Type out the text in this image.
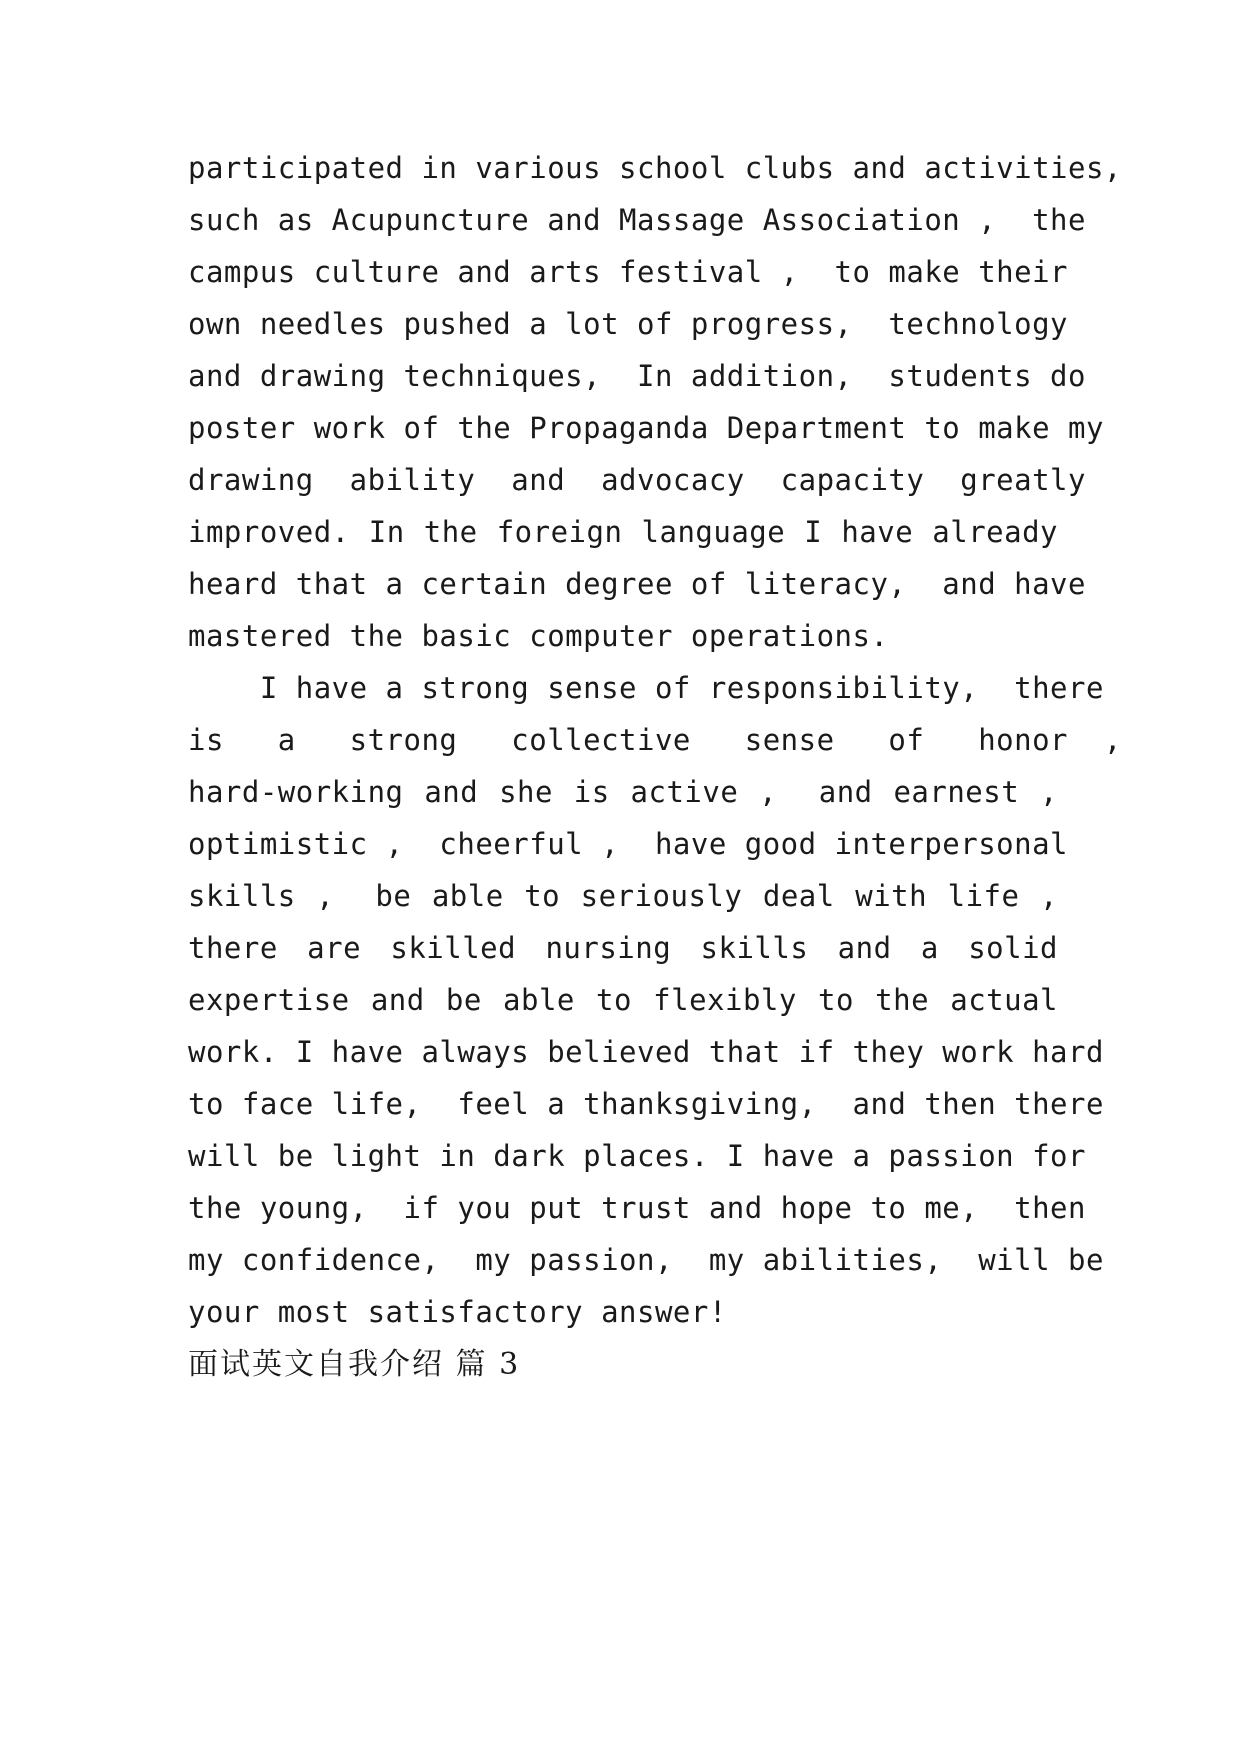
participated in various school clubs and activities,
such as Acupuncture and Massage Association ,  the
campus culture and arts festival ,  to make their
own needles pushed a lot of progress,  technology
and drawing techniques,  In addition,  students do
poster work of the Propaganda Department to make my
drawing  ability  and  advocacy  capacity  greatly
improved. In the foreign language I have already
heard that a certain degree of literacy,  and have
mastered the basic computer operations.
I have a strong sense of responsibility,  there
is   a   strong   collective   sense   of   honor  ,
hard-working and she is active ,  and earnest ,
optimistic ,  cheerful ,  have good interpersonal
skills ,  be able to seriously deal with life ,
there are skilled nursing skills and a solid
expertise and be able to flexibly to the actual
work. I have always believed that if they work hard
to face life,  feel a thanksgiving,  and then there
will be light in dark places. I have a passion for
the young,  if you put trust and hope to me,  then
my confidence,  my passion,  my abilities,  will be
your most satisfactory answer!
面试英文自我介绍 篇 3
